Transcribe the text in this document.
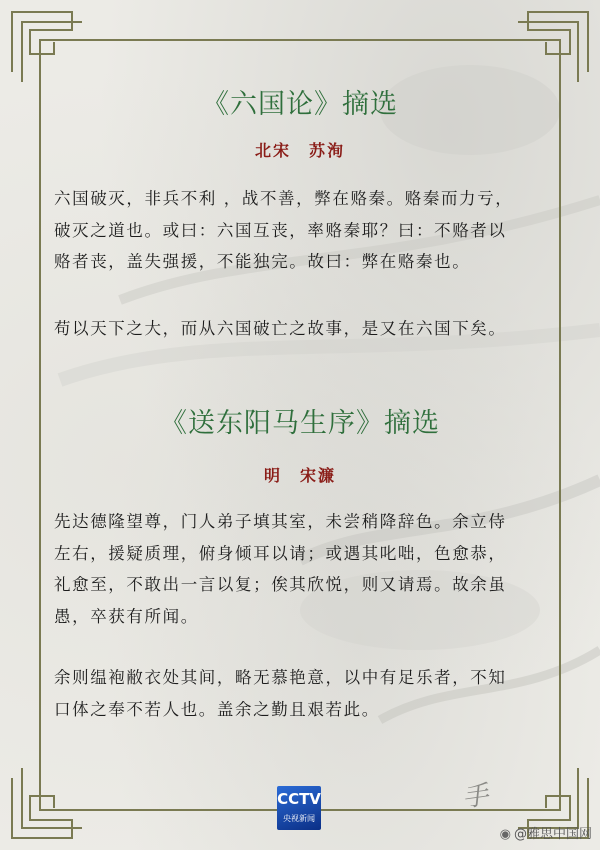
《六国论》摘选
北宋　苏洵
六国破灭，非兵不利 ，战不善，弊在赂秦。赂秦而力亏，
破灭之道也。或曰：六国互丧，率赂秦耶？曰：不赂者以
赂者丧，盖失强援，不能独完。故曰：弊在赂秦也。
苟以天下之大，而从六国破亡之故事，是又在六国下矣。
《送东阳马生序》摘选
明　宋濂
先达德隆望尊，门人弟子填其室，未尝稍降辞色。余立侍
左右，援疑质理，俯身倾耳以请；或遇其叱咄，色愈恭，
礼愈至，不敢出一言以复；俟其欣悦，则又请焉。故余虽
愚，卒获有所闻。
余则缊袍敝衣处其间，略无慕艳意，以中有足乐者，不知
口体之奉不若人也。盖余之勤且艰若此。
手
CCTV
央视新闻
◉ @雅思中国网
